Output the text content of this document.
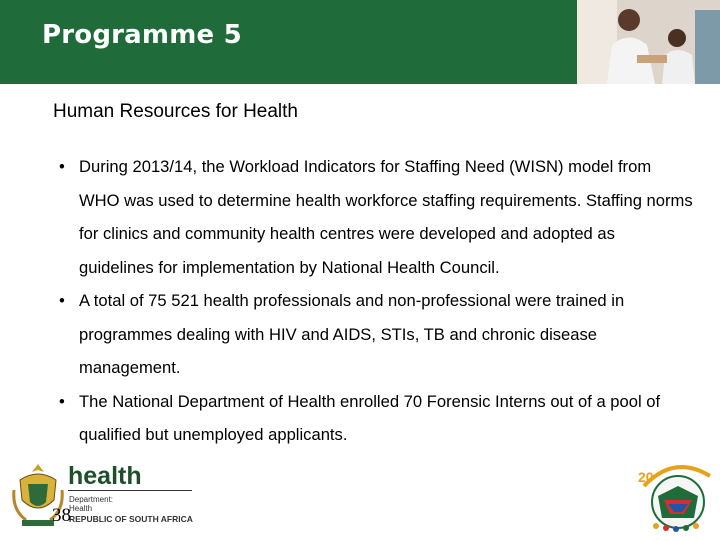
Programme 5
Human Resources for Health
• During 2013/14, the Workload Indicators for Staffing Need (WISN) model from WHO was used to determine health workforce staffing requirements. Staffing norms for clinics and community health centres were developed and adopted as guidelines for implementation by National Health Council.
• A total of 75 521 health professionals and non-professional were trained in programmes dealing with HIV and AIDS, STIs, TB and chronic disease management.
• The National Department of Health enrolled 70 Forensic Interns out of a pool of qualified but unemployed applicants.
health
Department:
Health
REPUBLIC OF SOUTH AFRICA
38
20
